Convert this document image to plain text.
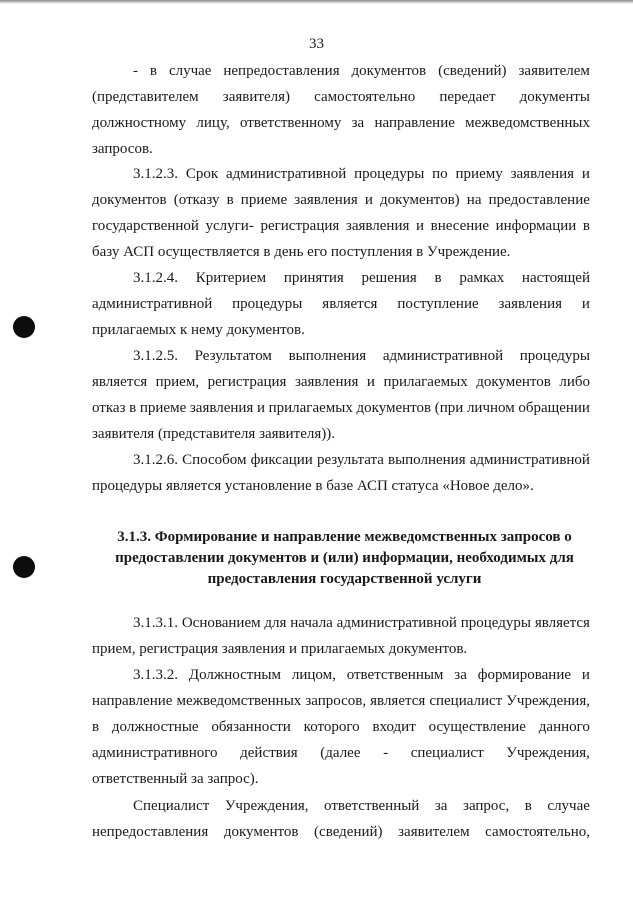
33
- в случае непредоставления документов (сведений) заявителем
(представителем заявителя) самостоятельно передает документы
должностному лицу, ответственному за направление межведомственных
запросов.
3.1.2.3. Срок административной процедуры по приему заявления и
документов (отказу в приеме заявления и документов) на предоставление
государственной услуги- регистрация заявления и внесение информации в
базу АСП осуществляется в день его поступления в Учреждение.
3.1.2.4. Критерием принятия решения в рамках настоящей
административной процедуры является поступление заявления и
прилагаемых к нему документов.
3.1.2.5. Результатом выполнения административной процедуры
является прием, регистрация заявления и прилагаемых документов либо
отказ в приеме заявления и прилагаемых документов (при личном обращении
заявителя (представителя заявителя)).
3.1.2.6. Способом фиксации результата выполнения административной
процедуры является установление в базе АСП статуса «Новое дело».
3.1.3. Формирование и направление межведомственных запросов о
предоставлении документов и (или) информации, необходимых для
предоставления государственной услуги
3.1.3.1. Основанием для начала административной процедуры является
прием, регистрация заявления и прилагаемых документов.
3.1.3.2. Должностным лицом, ответственным за формирование и
направление межведомственных запросов, является специалист Учреждения,
в должностные обязанности которого входит осуществление данного
административного действия (далее - специалист Учреждения,
ответственный за запрос).
Специалист Учреждения, ответственный за запрос, в случае
непредоставления документов (сведений) заявителем самостоятельно,
